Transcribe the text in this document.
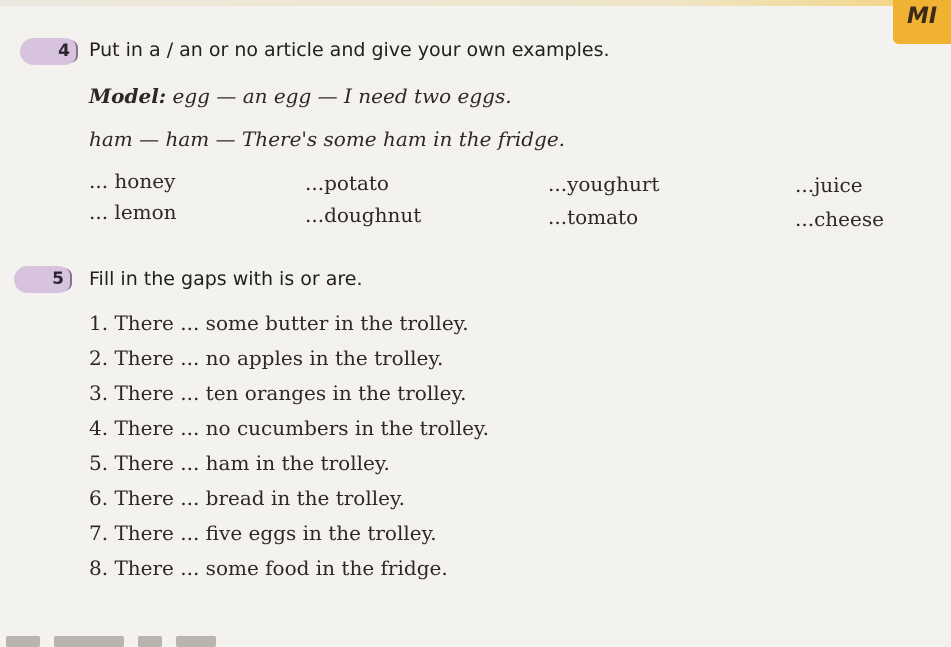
MI
4	Put in a / an or no article and give your own examples.
Model: egg — an egg — I need two eggs.
ham — ham — There's some ham in the fridge.
... honey	...potato	...youghurt	...juice
... lemon	...doughnut	...tomato	...cheese
5	Fill in the gaps with is or are.
1. There ... some butter in the trolley.
2. There ... no apples in the trolley.
3. There ... ten oranges in the trolley.
4. There ... no cucumbers in the trolley.
5. There ... ham in the trolley.
6. There ... bread in the trolley.
7. There ... five eggs in the trolley.
8. There ... some food in the fridge.
